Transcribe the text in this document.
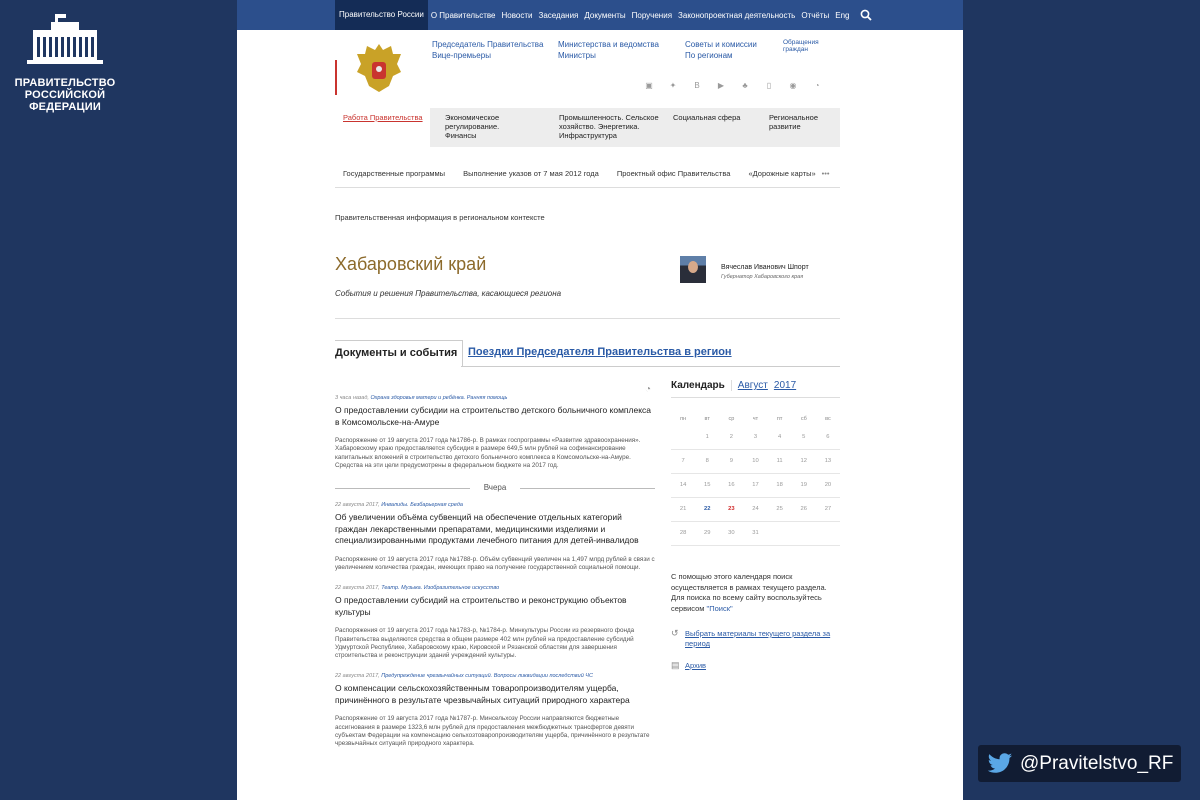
ПРАВИТЕЛЬСТВО
РОССИЙСКОЙ
ФЕДЕРАЦИИ
@Pravitelstvo_RF
Правительство России О Правительстве Новости Заседания Документы Поручения Законопроектная деятельность Отчёты Eng
Председатель Правительства
Вице-премьеры
Министерства и ведомства
Министры
Советы и комиссии
По регионам
Обращения граждан
▣ ✦ В ▶ ♣ ▯ ◉ ◔
Работа Правительства	Экономическое регулирование. Финансы
Промышленность. Сельское хозяйство. Энергетика. Инфраструктура
Социальная сфера	Региональное развитие
Государственные программы Выполнение указов от 7 мая 2012 года Проектный офис Правительства «Дорожные карты» •••
Правительственная информация в региональном контексте
Хабаровский край
События и решения Правительства, касающиеся региона
Вячеслав Иванович Шпорт
Губернатор Хабаровского края
Документы и события Поездки Председателя Правительства в регион
◔
3 часа назад, Охрана здоровья матери и ребёнка. Ранняя помощь
О предоставлении субсидии на строительство детского больничного комплекса в Комсомольске-на-Амуре
Распоряжение от 19 августа 2017 года №1786-р. В рамках госпрограммы «Развитие здравоохранения». Хабаровскому краю предоставляется субсидия в размере 649,5 млн рублей на софинансирование капитальных вложений в строительство детского больничного комплекса в Комсомольске-на-Амуре. Средства на эти цели предусмотрены в федеральном бюджете на 2017 год.
Вчера
22 августа 2017, Инвалиды. Безбарьерная среда
Об увеличении объёма субвенций на обеспечение отдельных категорий граждан лекарственными препаратами, медицинскими изделиями и специализированными продуктами лечебного питания для детей-инвалидов
Распоряжение от 19 августа 2017 года №1788-р. Объём субвенций увеличен на 1,497 млрд рублей в связи с увеличением количества граждан, имеющих право на получение государственной социальной помощи.
22 августа 2017, Театр. Музыка. Изобразительное искусство
О предоставлении субсидий на строительство и реконструкцию объектов культуры
Распоряжения от 19 августа 2017 года №1783-р, №1784-р. Минкультуры России из резервного фонда Правительства выделяются средства в общем размере 402 млн рублей на предоставление субсидий Удмуртской Республике, Хабаровскому краю, Кировской и Рязанской областям для завершения строительства и реконструкции зданий учреждений культуры.
22 августа 2017, Предупреждение чрезвычайных ситуаций. Вопросы ликвидации последствий ЧС
О компенсации сельскохозяйственным товаропроизводителям ущерба, причинённого в результате чрезвычайных ситуаций природного характера
Распоряжение от 19 августа 2017 года №1787-р. Минсельхозу России направляются бюджетные ассигнования в размере 1323,6 млн рублей для предоставления межбюджетных трансфертов девяти субъектам Федерации на компенсацию сельхозтоваропроизводителям ущерба, причинённого в результате чрезвычайных ситуаций природного характера.
Календарь	Август 2017
пн	вт	ср	чт	пт	сб	вс
	1	2	3	4	5	6
7	8	9	10	11	12	13
14	15	16	17	18	19	20
21	22	23	24	25	26	27
28	29	30	31			
С помощью этого календаря поиск осуществляется в рамках текущего раздела. Для поиска по всему сайту воспользуйтесь сервисом "Поиск"
↺ Выбрать материалы текущего раздела за период
▤ Архив
